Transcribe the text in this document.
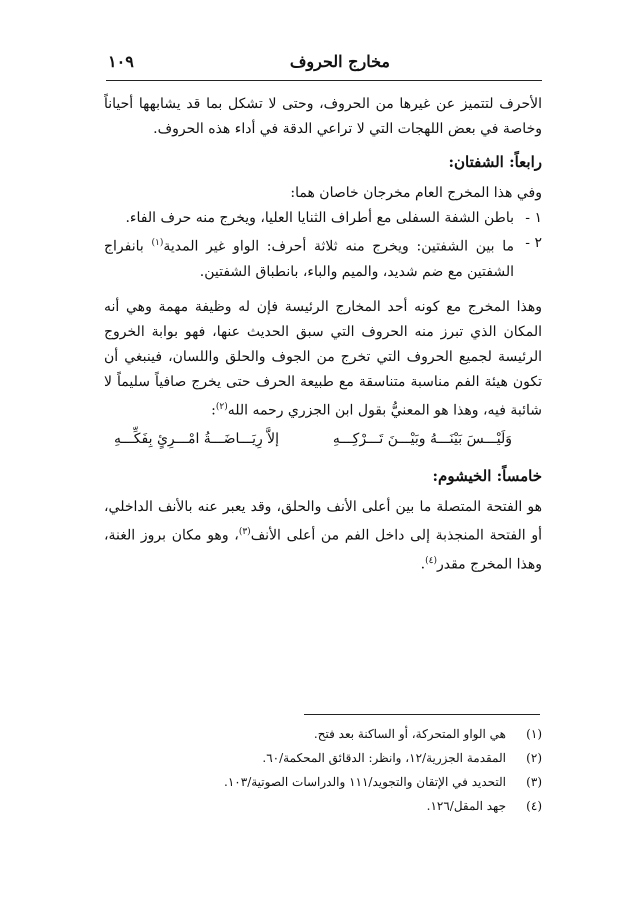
مخارج الحروف
١٠٩

الأحرف لتتميز عن غيرها من الحروف، وحتى لا تشكل بما قد يشابهها أحياناً وخاصة في بعض اللهجات التي لا تراعي الدقة في أداء هذه الحروف.

رابعاً: الشفتان:

وفي هذا المخرج العام مخرجان خاصان هما:

١ -
باطن الشفة السفلى مع أطراف الثنايا العليا، ويخرج منه حرف الفاء.
٢ -
ما بين الشفتين: ويخرج منه ثلاثة أحرف: الواو غير المدية$^{(١)}$ بانفراج الشفتين مع ضم شديد، والميم والباء، بانطباق الشفتين.

وهذا المخرج مع كونه أحد المخارج الرئيسة فإن له وظيفة مهمة وهي أنه المكان الذي تبرز منه الحروف التي سبق الحديث عنها، فهو بوابة الخروج الرئيسة لجميع الحروف التي تخرج من الجوف والحلق واللسان، فينبغي أن تكون هيئة الفم مناسبة متناسقة مع طبيعة الحرف حتى يخرج صافياً سليماً لا شائبة فيه، وهذا هو المعنيُّ بقول ابن الجزري رحمه الله$^{(٢)}$:

وَلَيْـــسَ بَيْنَـــهُ وبَيْـــنَ تَـــرْكِـــهِ
إلاَّ رِيَـــاضَـــةُ امْـــرِئٍ بِفَكِّـــهِ

خامساً: الخيشوم:

هو الفتحة المتصلة ما بين أعلى الأنف والحلق، وقد يعبر عنه بالأنف الداخلي، أو الفتحة المنجذبة إلى داخل الفم من أعلى الأنف$^{(٣)}$، وهو مكان بروز الغنة، وهذا المخرج مقدر$^{(٤)}$.

(١)
هي الواو المتحركة، أو الساكنة بعد فتح.
(٢)
المقدمة الجزرية/١٢، وانظر: الدقائق المحكمة/٦٠.
(٣)
التحديد في الإتقان والتجويد/١١١ والدراسات الصوتية/١٠٣.
(٤)
جهد المقل/١٢٦.
